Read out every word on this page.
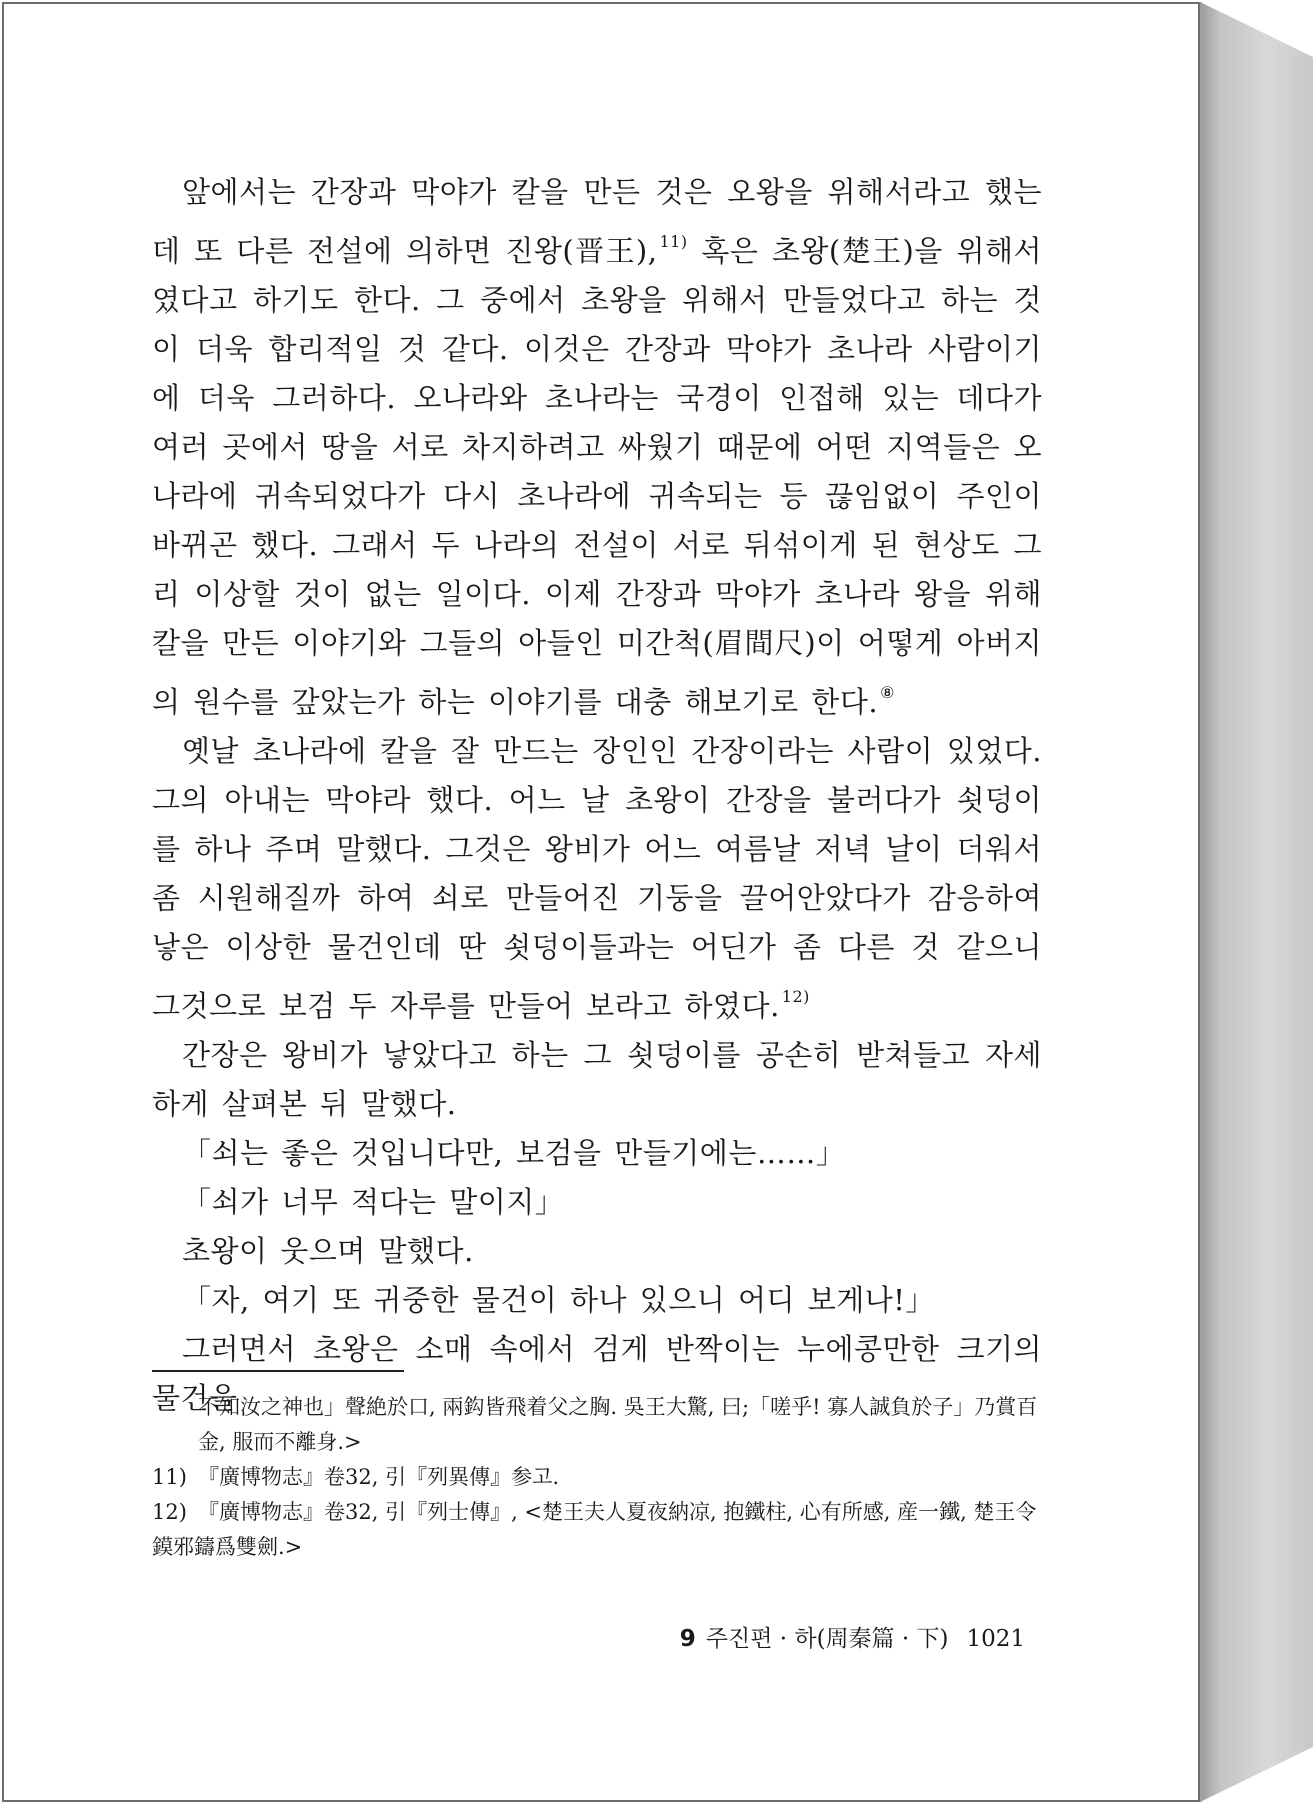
앞에서는 간장과 막야가 칼을 만든 것은 오왕을 위해서라고 했는데 또 다른 전설에 의하면 진왕(晋王), $^{11)}$ 혹은 초왕(楚王)을 위해서였다고 하기도 한다. 그 중에서 초왕을 위해서 만들었다고 하는 것이 더욱 합리적일 것 같다. 이것은 간장과 막야가 초나라 사람이기에 더욱 그러하다. 오나라와 초나라는 국경이 인접해 있는 데다가 여러 곳에서 땅을 서로 차지하려고 싸웠기 때문에 어떤 지역들은 오나라에 귀속되었다가 다시 초나라에 귀속되는 등 끊임없이 주인이 바뀌곤 했다. 그래서 두 나라의 전설이 서로 뒤섞이게 된 현상도 그리 이상할 것이 없는 일이다. 이제 간장과 막야가 초나라 왕을 위해 칼을 만든 이야기와 그들의 아들인 미간척(眉間尺)이 어떻게 아버지의 원수를 갚았는가 하는 이야기를 대충 해보기로 한다. ⑧

옛날 초나라에 칼을 잘 만드는 장인인 간장이라는 사람이 있었다. 그의 아내는 막야라 했다. 어느 날 초왕이 간장을 불러다가 쇳덩이를 하나 주며 말했다. 그것은 왕비가 어느 여름날 저녁 날이 더워서 좀 시원해질까 하여 쇠로 만들어진 기둥을 끌어안았다가 감응하여 낳은 이상한 물건인데 딴 쇳덩이들과는 어딘가 좀 다른 것 같으니 그것으로 보검 두 자루를 만들어 보라고 하였다. $^{12)}$

간장은 왕비가 낳았다고 하는 그 쇳덩이를 공손히 받쳐들고 자세하게 살펴본 뒤 말했다.

「쇠는 좋은 것입니다만, 보검을 만들기에는……」

「쇠가 너무 적다는 말이지」

초왕이 웃으며 말했다.

「자, 여기 또 귀중한 물건이 하나 있으니 어디 보게나!」

그러면서 초왕은 소매 속에서 검게 반짝이는 누에콩만한 크기의 물건을

不知汝之神也」聲絶於口, 兩鈎皆飛着父之胸. 吳王大驚, 曰;「嗟乎! 寡人誠負於子」乃賞百金, 服而不離身.>

11) 『廣博物志』卷32, 引『列異傳』参고.

12) 『廣博物志』卷32, 引『列士傳』, <楚王夫人夏夜納凉, 抱鐵柱, 心有所感, 産一鐵, 楚王令鏌邪鑄爲雙劍.>

9 주진편 · 하(周秦篇 · 下) 1021
